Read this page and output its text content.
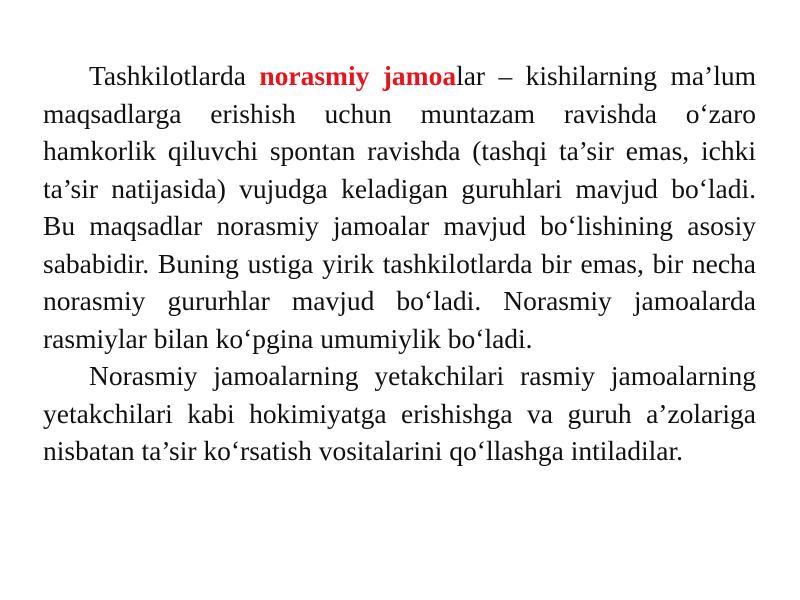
Tashkilotlarda norasmiy jamoalar – kishilarning ma’lum maqsadlarga erishish uchun muntazam ravishda o‘zaro hamkorlik qiluvchi spontan ravishda (tashqi ta’sir emas, ichki ta’sir natijasida) vujudga keladigan guruhlari mavjud bo‘ladi. Bu maqsadlar norasmiy jamoalar mavjud bo‘lishining asosiy sababidir. Buning ustiga yirik tashkilotlarda bir emas, bir necha norasmiy gururhlar mavjud bo‘ladi. Norasmiy jamoalarda rasmiylar bilan ko‘pgina umumiylik bo‘ladi.

Norasmiy jamoalarning yetakchilari rasmiy jamoalarning yetakchilari kabi hokimiyatga erishishga va guruh a’zolariga nisbatan ta’sir ko‘rsatish vositalarini qo‘llashga intiladilar.
